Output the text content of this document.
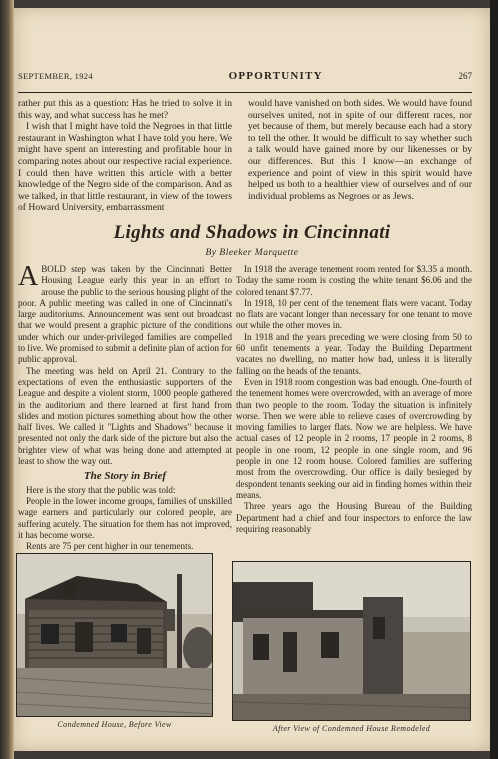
·
·
·
·
·
·
·
·
·
·
·
·
·
·
·
·
·
·
·
·
·
·
·
·
·
·
·
·
·
·
·
·
·
·
·
·
·
·
·
·
·
·
·
·
·
·
·
·
·
·
·
·
·
·
·
·
·
·
·
·
·
·
·
SEPTEMBER, 1924	OPPORTUNITY	267

rather put this as a question: Has he tried to solve it in this way, and what success has he met?

I wish that I might have told the Negroes in that little restaurant in Washington what I have told you here. We might have spent an interesting and profitable hour in comparing notes about our respective racial experience. I could then have written this article with a better knowledge of the Negro side of the comparison. And as we talked, in that little restaurant, in view of the towers of Howard University, embarrassment

would have vanished on both sides. We would have found ourselves united, not in spite of our different races, nor yet because of them, but merely because each had a story to tell the other. It would be difficult to say whether such a talk would have gained more by our likenesses or by our differences. But this I know—an exchange of experience and point of view in this spirit would have helped us both to a healthier view of ourselves and of our individual problems as Negroes or as Jews.

Lights and Shadows in Cincinnati
By Bleeker Marquette

ABOLD step was taken by the Cincinnati Better Housing League early this year in an effort to arouse the public to the serious housing plight of the poor. A public meeting was called in one of Cincinnati's large auditoriums. Announcement was sent out broadcast that we would present a graphic picture of the conditions under which our under-privileged families are compelled to live. We promised to submit a definite plan of action for public approval.

The meeting was held on April 21. Contrary to the expectations of even the enthusiastic supporters of the League and despite a violent storm, 1000 people gathered in the auditorium and there learned at first hand from slides and motion pictures something about how the other half lives. We called it "Lights and Shadows" because it presented not only the dark side of the picture but also the brighter view of what was being done and attempted at least to show the way out.

The Story in Brief

Here is the story that the public was told:

People in the lower income groups, families of unskilled wage earners and particularly our colored people, are suffering acutely. The situation for them has not improved, it has become worse.

Rents are 75 per cent higher in our tenements.

In 1918 the average tenement room rented for $3.35 a month. Today the same room is costing the white tenant $6.06 and the colored tenant $7.77.

In 1918, 10 per cent of the tenement flats were vacant. Today no flats are vacant longer than necessary for one tenant to move out while the other moves in.

In 1918 and the years preceding we were closing from 50 to 60 unfit tenements a year. Today the Building Department vacates no dwelling, no matter how bad, unless it is literally falling on the heads of the tenants.

Even in 1918 room congestion was bad enough. One-fourth of the tenement homes were overcrowded, with an average of more than two people to the room. Today the situation is infinitely worse. Then we were able to relieve cases of overcrowding by moving families to larger flats. Now we are helpless. We have actual cases of 12 people in 2 rooms, 17 people in 2 rooms, 8 people in one room, 12 people in one single room, and 96 people in one 12 room house. Colored families are suffering most from the overcrowding. Our office is daily besieged by despondent tenants seeking our aid in finding homes within their means.

Three years ago the Housing Bureau of the Building Department had a chief and four inspectors to enforce the law requiring reasonably

Condemned House, Before View	After View of Condemned House Remodeled
